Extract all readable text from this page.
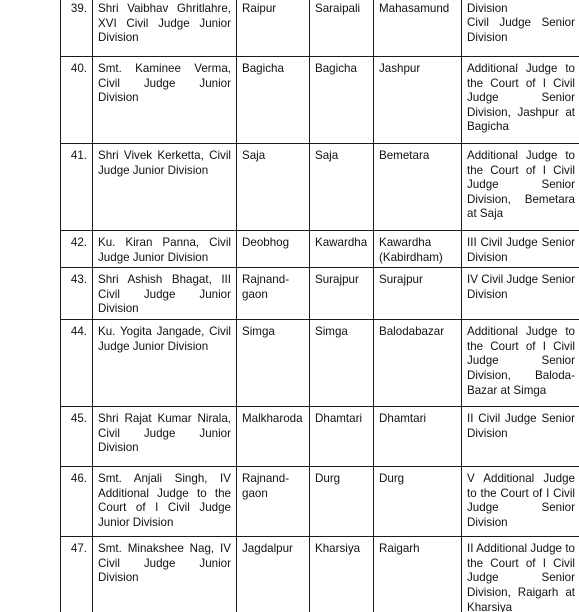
39.	Shri Vaibhav Ghritlahre, XVI Civil Judge Junior Division	Raipur	Saraipali	Mahasamund	Division
Civil Judge Senior Division
40.	Smt. Kaminee Verma, Civil Judge Junior Division	Bagicha	Bagicha	Jashpur	Additional Judge to the Court of I Civil Judge Senior Division, Jashpur at Bagicha
41.	Shri Vivek Kerketta, Civil Judge Junior Division	Saja	Saja	Bemetara	Additional Judge to the Court of I Civil Judge Senior Division, Bemetara at Saja
42.	Ku. Kiran Panna, Civil Judge Junior Division	Deobhog	Kawardha	Kawardha (Kabirdham)	III Civil Judge Senior Division
43.	Shri Ashish Bhagat, III Civil Judge Junior Division	Rajnand-gaon	Surajpur	Surajpur	IV Civil Judge Senior Division
44.	Ku. Yogita Jangade, Civil Judge Junior Division	Simga	Simga	Balodabazar	Additional Judge to the Court of I Civil Judge Senior Division, Baloda-Bazar at Simga
45.	Shri Rajat Kumar Nirala, Civil Judge Junior Division	Malkharoda	Dhamtari	Dhamtari	II Civil Judge Senior Division
46.	Smt. Anjali Singh, IV Additional Judge to the Court of I Civil Judge Junior Division	Rajnand-gaon	Durg	Durg	V Additional Judge to the Court of I Civil Judge Senior Division
47.	Smt. Minakshee Nag, IV Civil Judge Junior Division	Jagdalpur	Kharsiya	Raigarh	II Additional Judge to the Court of I Civil Judge Senior Division, Raigarh at Kharsiya
